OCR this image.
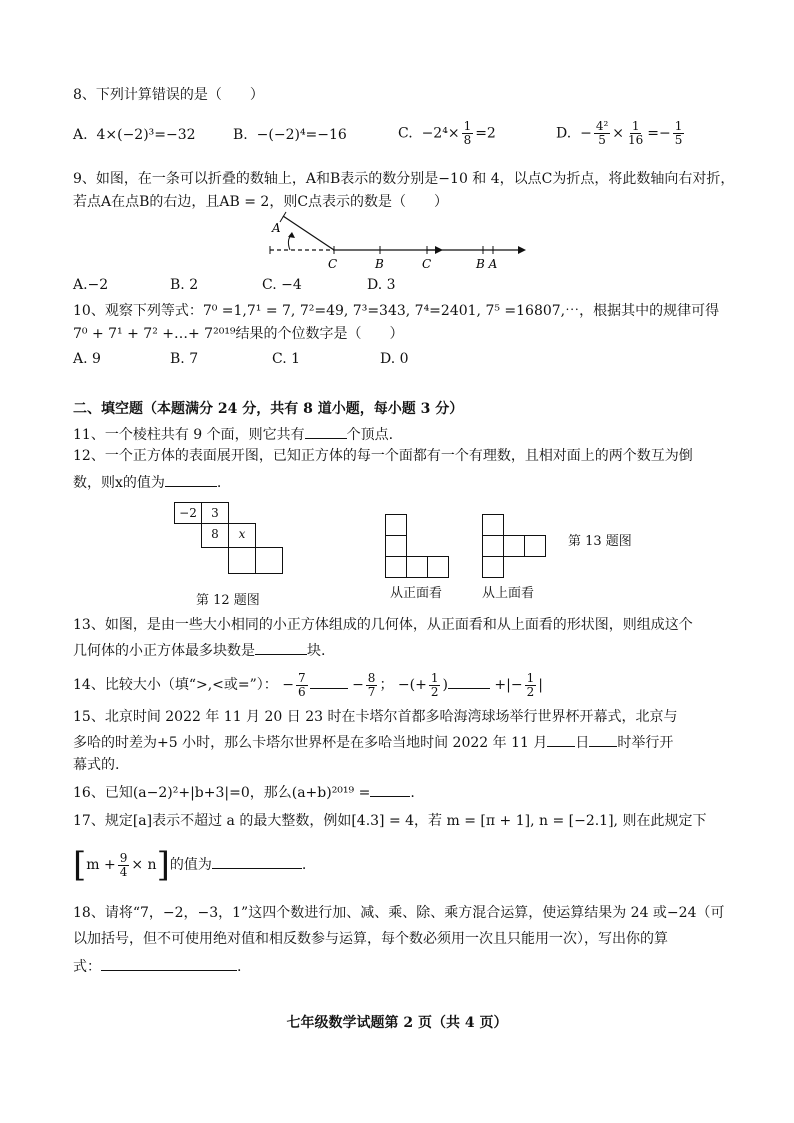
8、下列计算错误的是（　　）
A. 4×(−2)³=−32	B. −(−2)⁴=−16	C. $-2^4\times \frac{1}{8} =2$	D. − $\frac{\text{4²}}{5} \times \frac{1}{16} =- \frac{1}{5}$
9、如图，在一条可以折叠的数轴上，A和B表示的数分别是−10 和 4，以点C为折点，将此数轴向右对折，
若点A在点B的右边，且AB = 2，则C点表示的数是（　　）
A
C	B	C	B A
A.−2	B. 2	C. −4	D. 3
10、观察下列等式：7⁰ =1,7¹ = 7, 7²=49, 7³=343, 7⁴=2401, 7⁵ =16807,⋯，根据其中的规律可得
7⁰ + 7¹ + 7² +…+ 7²⁰¹⁹结果的个位数字是（　　）
A. 9	B. 7	C. 1	D. 0
二、填空题（本题满分 24 分，共有 8 道小题，每小题 3 分）
11、一个棱柱共有 9 个面，则它共有	个顶点.
12、一个正方体的表面展开图，已知正方体的每一个面都有一个有理数，且相对面上的两个数互为倒
数，则x的值为	.
−2	3
8	x
第 12 题图	从正面看	从上面看
第 13 题图
13、如图，是由一些大小相同的小正方体组成的几何体，从正面看和从上面看的形状图，则组成这个
几何体的小正方体最多块数是	块.
14、比较大小（填“>,<或=”）： − $\frac{7}{6}$	− $\frac{8}{7}$ ； −(+ $\frac{1}{2}$ )	+|− $\frac{1}{2}$ |
15、北京时间 2022 年 11 月 20 日 23 时在卡塔尔首都多哈海湾球场举行世界杯开幕式，北京与
多哈的时差为+5 小时，那么卡塔尔世界杯是在多哈当地时间 2022 年 11 月 日 时举行开
幕式的.
16、已知(a−2)²+|b+3|=0，那么(a+b)²⁰¹⁹ =	.
17、规定[a]表示不超过 a 的最大整数，例如[4.3] = 4，若 m = [π + 1], n = [−2.1], 则在此规定下
$[m + \frac{9}{4} \times n]$的值为	.
18、请将“7，−2，−3，1”这四个数进行加、减、乘、除、乘方混合运算，使运算结果为 24 或−24（可
以加括号，但不可使用绝对值和相反数参与运算，每个数必须用一次且只能用一次），写出你的算
式：	.
七年级数学试题第 2 页（共 4 页）
